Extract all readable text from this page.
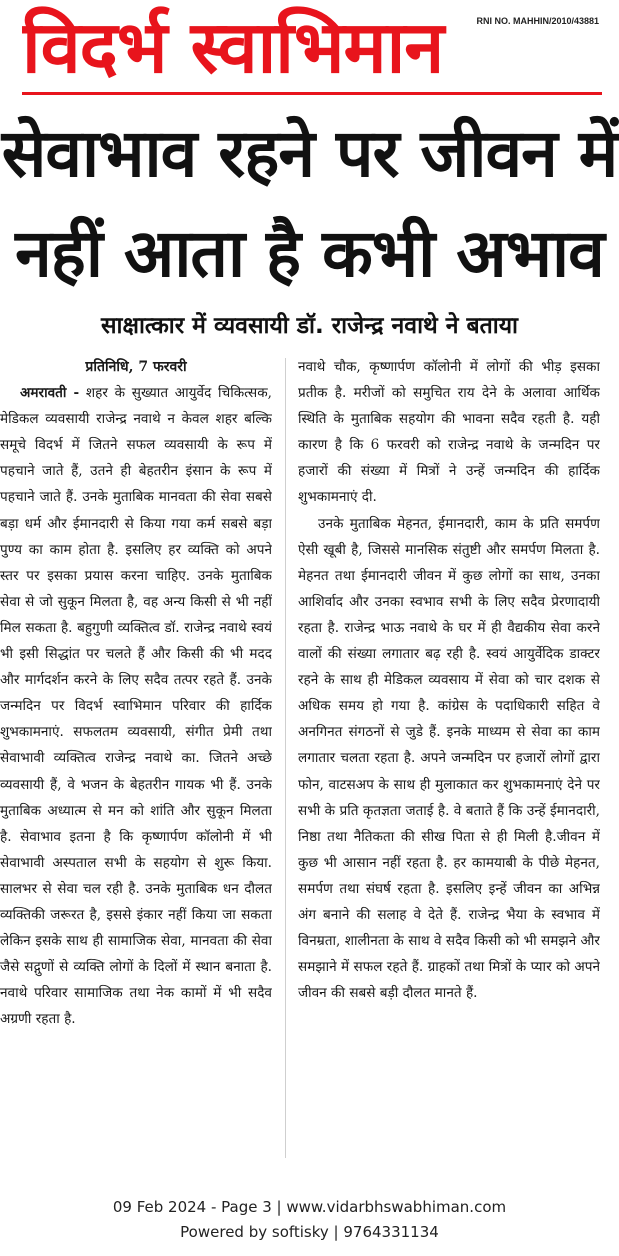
विदर्भ स्वाभिमान	RNI NO. MAHHIN/2010/43881
सेवाभाव रहने पर जीवन में
नहीं आता है कभी अभाव
साक्षात्कार में व्यवसायी डॉ. राजेन्द्र नवाथे ने बताया
प्रतिनिधि, 7 फरवरी

अमरावती - शहर के सुख्यात आयुर्वेद चिकित्सक, मेडिकल व्यवसायी राजेन्द्र नवाथे न केवल शहर बल्कि समूचे विदर्भ में जितने सफल व्यवसायी के रूप में पहचाने जाते हैं, उतने ही बेहतरीन इंसान के रूप में पहचाने जाते हैं. उनके मुताबिक मानवता की सेवा सबसे बड़ा धर्म और ईमानदारी से किया गया कर्म सबसे बड़ा पुण्य का काम होता है. इसलिए हर व्यक्ति को अपने स्तर पर इसका प्रयास करना चाहिए. उनके मुताबिक सेवा से जो सुकून मिलता है, वह अन्य किसी से भी नहीं मिल सकता है. बहुगुणी व्यक्तित्व डॉ. राजेन्द्र नवाथे स्वयं भी इसी सिद्धांत पर चलते हैं और किसी की भी मदद और मार्गदर्शन करने के लिए सदैव तत्पर रहते हैं. उनके जन्मदिन पर विदर्भ स्वाभिमान परिवार की हार्दिक शुभकामनाएं. सफलतम व्यवसायी, संगीत प्रेमी तथा सेवाभावी व्यक्तित्व राजेन्द्र नवाथे का. जितने अच्छे व्यवसायी हैं, वे भजन के बेहतरीन गायक भी हैं. उनके मुताबिक अध्यात्म से मन को शांति और सुकून मिलता है. सेवाभाव इतना है कि कृष्णार्पण कॉलोनी में भी सेवाभावी अस्पताल सभी के सहयोग से शुरू किया. सालभर से सेवा चल रही है. उनके मुताबिक धन दौलत व्यक्तिकी जरूरत है, इससे इंकार नहीं किया जा सकता लेकिन इसके साथ ही सामाजिक सेवा, मानवता की सेवा जैसे सद्गुणों से व्यक्ति लोगों के दिलों में स्थान बनाता है. नवाथे परिवार सामाजिक तथा नेक कामों में भी सदैव अग्रणी रहता है.

नवाथे चौक, कृष्णार्पण कॉलोनी में लोगों की भीड़ इसका प्रतीक है. मरीजों को समुचित राय देने के अलावा आर्थिक स्थिति के मुताबिक सहयोग की भावना सदैव रहती है. यही कारण है कि 6 फरवरी को राजेन्द्र नवाथे के जन्मदिन पर हजारों की संख्या में मित्रों ने उन्हें जन्मदिन की हार्दिक शुभकामनाएं दी.

उनके मुताबिक मेहनत, ईमानदारी, काम के प्रति समर्पण ऐसी खूबी है, जिससे मानसिक संतुष्टी और समर्पण मिलता है. मेहनत तथा ईमानदारी जीवन में कुछ लोगों का साथ, उनका आशिर्वाद और उनका स्वभाव सभी के लिए सदैव प्रेरणादायी रहता है. राजेन्द्र भाऊ नवाथे के घर में ही वैद्यकीय सेवा करने वालों की संख्या लगातार बढ़ रही है. स्वयं आयुर्वेदिक डाक्टर रहने के साथ ही मेडिकल व्यवसाय में सेवा को चार दशक से अधिक समय हो गया है. कांग्रेस के पदाधिकारी सहित वे अनगिनत संगठनों से जुडे हैं. इनके माध्यम से सेवा का काम लगातार चलता रहता है. अपने जन्मदिन पर हजारों लोगों द्वारा फोन, वाटसअप के साथ ही मुलाकात कर शुभकामनाएं देने पर सभी के प्रति कृतज्ञता जताई है. वे बताते हैं कि उन्हें ईमानदारी, निष्ठा तथा नैतिकता की सीख पिता से ही मिली है.जीवन में कुछ भी आसान नहीं रहता है. हर कामयाबी के पीछे मेहनत, समर्पण तथा संघर्ष रहता है. इसलिए इन्हें जीवन का अभिन्न अंग बनाने की सलाह वे देते हैं. राजेन्द्र भैया के स्वभाव में विनम्रता, शालीनता के साथ वे सदैव किसी को भी समझने और समझाने में सफल रहते हैं. ग्राहकों तथा मित्रों के प्यार को अपने जीवन की सबसे बड़ी दौलत मानते हैं.

09 Feb 2024 - Page 3 | www.vidarbhswabhiman.com
Powered by softisky | 9764331134
